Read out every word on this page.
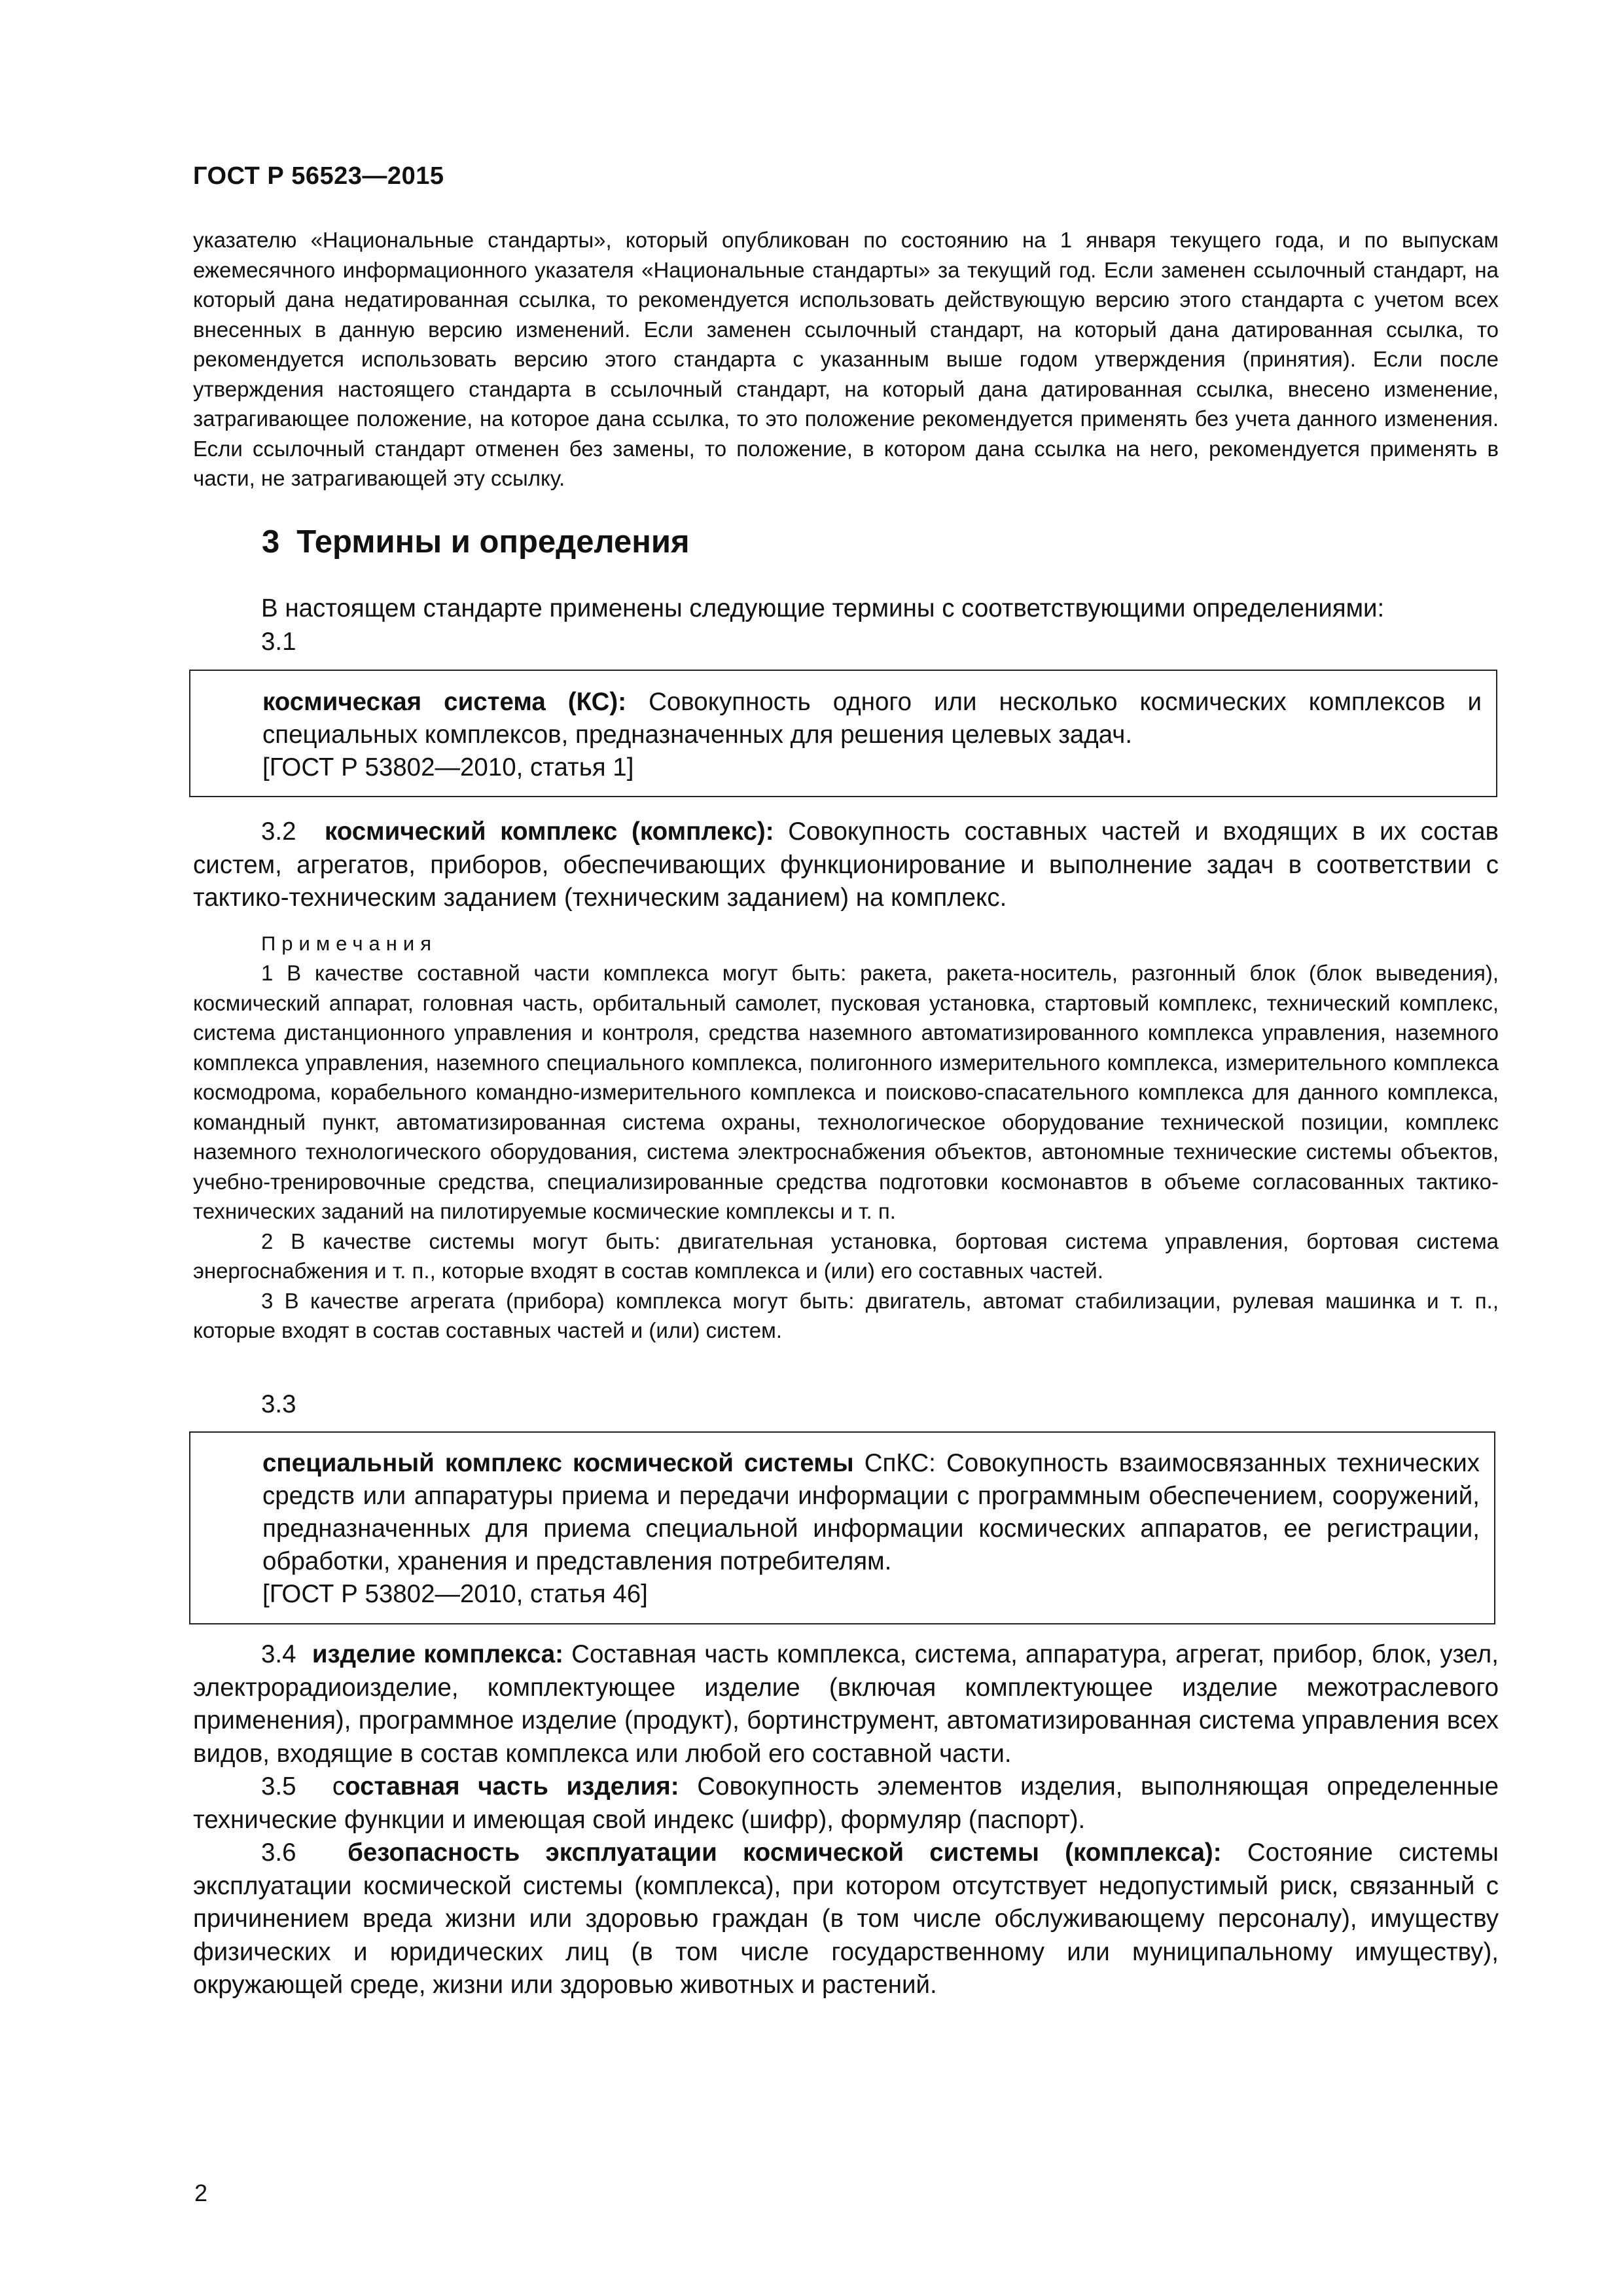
ГОСТ Р 56523—2015

указателю «Национальные стандарты», который опубликован по состоянию на 1 января текущего года, и по выпускам ежемесячного информационного указателя «Национальные стандарты» за текущий год. Если заменен ссылочный стандарт, на который дана недатированная ссылка, то рекомендуется использовать действующую версию этого стандарта с учетом всех внесенных в данную версию изменений. Если заменен ссылочный стандарт, на который дана датированная ссылка, то рекомендуется использовать версию этого стандарта с указанным выше годом утверждения (принятия). Если после утверждения настоящего стандарта в ссылочный стандарт, на который дана датированная ссылка, внесено изменение, затрагивающее положение, на которое дана ссылка, то это положение рекомендуется применять без учета данного изменения. Если ссылочный стандарт отменен без замены, то положение, в котором дана ссылка на него, рекомендуется применять в части, не затрагивающей эту ссылку.

3 Термины и определения

В настоящем стандарте применены следующие термины с соответствующими определениями:

3.1

космическая система (КС): Совокупность одного или несколько космических комплексов и специальных комплексов, предназначенных для решения целевых задач.

[ГОСТ Р 53802—2010, статья 1]

3.2 космический комплекс (комплекс): Совокупность составных частей и входящих в их состав систем, агрегатов, приборов, обеспечивающих функционирование и выполнение задач в соответствии с тактико-техническим заданием (техническим заданием) на комплекс.

Примечания

1 В качестве составной части комплекса могут быть: ракета, ракета-носитель, разгонный блок (блок выведения), космический аппарат, головная часть, орбитальный самолет, пусковая установка, стартовый комплекс, технический комплекс, система дистанционного управления и контроля, средства наземного автоматизированного комплекса управления, наземного комплекса управления, наземного специального комплекса, полигонного измерительного комплекса, измерительного комплекса космодрома, корабельного командно-измерительного комплекса и поисково-спасательного комплекса для данного комплекса, командный пункт, автоматизированная система охраны, технологическое оборудование технической позиции, комплекс наземного технологического оборудования, система электроснабжения объектов, автономные технические системы объектов, учебно-тренировочные средства, специализированные средства подготовки космонавтов в объеме согласованных тактико-технических заданий на пилотируемые космические комплексы и т. п.

2 В качестве системы могут быть: двигательная установка, бортовая система управления, бортовая система энергоснабжения и т. п., которые входят в состав комплекса и (или) его составных частей.

3 В качестве агрегата (прибора) комплекса могут быть: двигатель, автомат стабилизации, рулевая машинка и т. п., которые входят в состав составных частей и (или) систем.

3.3

специальный комплекс космической системы СпКС: Совокупность взаимосвязанных технических средств или аппаратуры приема и передачи информации с программным обеспечением, сооружений, предназначенных для приема специальной информации космических аппаратов, ее регистрации, обработки, хранения и представления потребителям.

[ГОСТ Р 53802—2010, статья 46]

3.4 изделие комплекса: Составная часть комплекса, система, аппаратура, агрегат, прибор, блок, узел, электрорадиоизделие, комплектующее изделие (включая комплектующее изделие межотраслевого применения), программное изделие (продукт), бортинструмент, автоматизированная система управления всех видов, входящие в состав комплекса или любой его составной части.

3.5 составная часть изделия: Совокупность элементов изделия, выполняющая определенные технические функции и имеющая свой индекс (шифр), формуляр (паспорт).

3.6 безопасность эксплуатации космической системы (комплекса): Состояние системы эксплуатации космической системы (комплекса), при котором отсутствует недопустимый риск, связанный с причинением вреда жизни или здоровью граждан (в том числе обслуживающему персоналу), имуществу физических и юридических лиц (в том числе государственному или муниципальному имуществу), окружающей среде, жизни или здоровью животных и растений.

2
